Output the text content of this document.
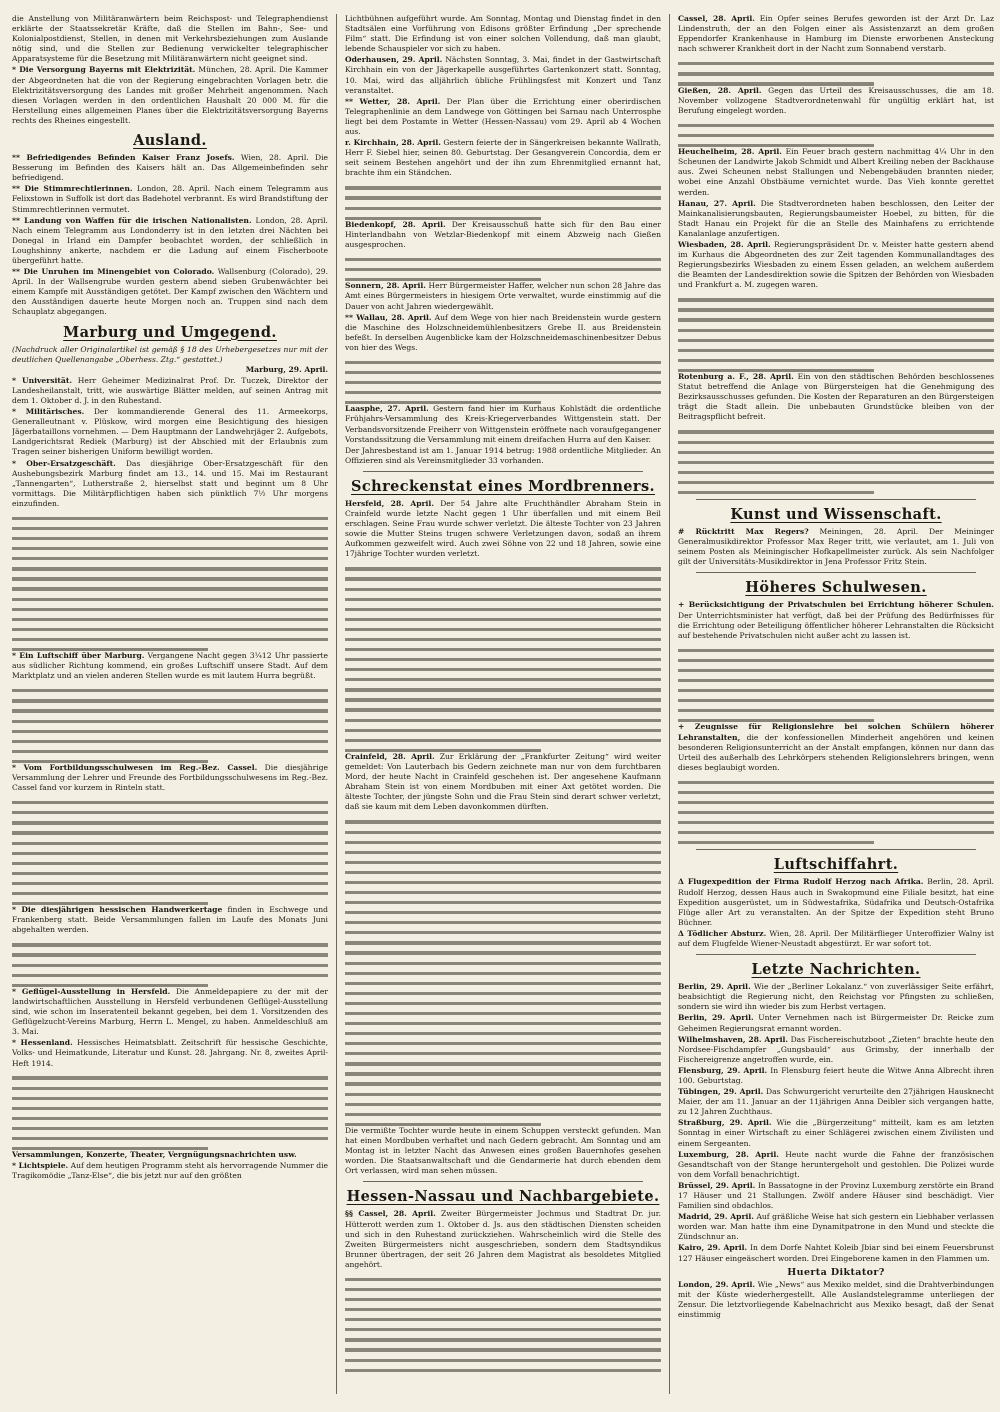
die Anstellung von Militäranwärtern beim Reichspost- und Telegraphendienst erklärte der Staatssekretär Kräfte, daß die Stellen im Bahn-, See- und Kolonialpostdienst, Stellen, in denen mit Verkehrsbeziehungen zum Auslande nötig sind, und die Stellen zur Bedienung verwickelter telegraphischer Apparatsysteme für die Besetzung mit Militäranwärtern nicht geeignet sind.
* Die Versorgung Bayerns mit Elektrizität. München, 28. April. Die Kammer der Abgeordneten hat die von der Regierung eingebrachten Vorlagen betr. die Elektrizitätsversorgung des Landes mit großer Mehrheit angenommen. Nach diesen Vorlagen werden in den ordentlichen Haushalt 20 000 M. für die Herstellung eines allgemeinen Planes über die Elektrizitätsversorgung Bayerns rechts des Rheines eingestellt.
Ausland.
** Befriedigendes Befinden Kaiser Franz Josefs. Wien, 28. April. Die Besserung im Befinden des Kaisers hält an. Das Allgemeinbefinden sehr befriedigend.
** Die Stimmrechtlerinnen. London, 28. April. Nach einem Telegramm aus Felixstown in Suffolk ist dort das Badehotel verbrannt. Es wird Brandstiftung der Stimmrechtlerinnen vermutet.
** Landung von Waffen für die irischen Nationalisten. London, 28. April. Nach einem Telegramm aus Londonderry ist in den letzten drei Nächten bei Donegal in Irland ein Dampfer beobachtet worden, der schließlich in Loughshinny ankerte, nachdem er die Ladung auf einem Fischerboote übergeführt hatte.
** Die Unruhen im Minengebiet von Colorado. Wallsenburg (Colorado), 29. April. In der Wallsengrube wurden gestern abend sieben Grubenwächter bei einem Kampfe mit Ausständigen getötet. Der Kampf zwischen den Wächtern und den Ausständigen dauerte heute Morgen noch an. Truppen sind nach dem Schauplatz abgegangen.
Marburg und Umgegend.
(Nachdruck aller Originalartikel ist gemäß § 18 des Urhebergesetzes nur mit der deutlichen Quellenangabe „Oberhess. Ztg.“ gestattet.)
Marburg, 29. April.
* Universität. Herr Geheimer Medizinalrat Prof. Dr. Tuczek, Direktor der Landesheilanstalt, tritt, wie auswärtige Blätter melden, auf seinen Antrag mit dem 1. Oktober d. J. in den Ruhestand.
* Militärisches. Der kommandierende General des 11. Armeekorps, Generalleutnant v. Plüskow, wird morgen eine Besichtigung des hiesigen Jägerbataillons vornehmen. — Dem Hauptmann der Landwehrjäger 2. Aufgebots, Landgerichtsrat Rediek (Marburg) ist der Abschied mit der Erlaubnis zum Tragen seiner bisherigen Uniform bewilligt worden.
* Ober-Ersatzgeschäft. Das diesjährige Ober-Ersatzgeschäft für den Aushebungsbezirk Marburg findet am 13., 14. und 15. Mai im Restaurant „Tannengarten“, Lutherstraße 2, hierselbst statt und beginnt um 8 Uhr vormittags. Die Militärpflichtigen haben sich pünktlich 7½ Uhr morgens einzufinden.
* Ein Luftschiff über Marburg. Vergangene Nacht gegen 3¼12 Uhr passierte aus südlicher Richtung kommend, ein großes Luftschiff unsere Stadt. Auf dem Marktplatz und an vielen anderen Stellen wurde es mit lautem Hurra begrüßt.
* Vom Fortbildungsschulwesen im Reg.-Bez. Cassel. Die diesjährige Versammlung der Lehrer und Freunde des Fortbildungsschulwesens im Reg.-Bez. Cassel fand vor kurzem in Rinteln statt.
* Die diesjährigen hessischen Handwerkertage finden in Eschwege und Frankenberg statt. Beide Versammlungen fallen im Laufe des Monats Juni abgehalten werden.
* Geflügel-Ausstellung in Hersfeld. Die Anmeldepapiere zu der mit der landwirtschaftlichen Ausstellung in Hersfeld verbundenen Geflügel-Ausstellung sind, wie schon im Inseratenteil bekannt gegeben, bei dem 1. Vorsitzenden des Geflügelzucht-Vereins Marburg, Herrn L. Mengel, zu haben. Anmeldeschluß am 3. Mai.
* Hessenland. Hessisches Heimatsblatt. Zeitschrift für hessische Geschichte, Volks- und Heimatkunde, Literatur und Kunst. 28. Jahrgang. Nr. 8, zweites April-Heft 1914.
Versammlungen, Konzerte, Theater, Vergnügungsnachrichten usw.
* Lichtspiele. Auf dem heutigen Programm steht als hervorragende Nummer die Tragikomödie „Tanz-Else“, die bis jetzt nur auf den größten
Lichtbühnen aufgeführt wurde. Am Sonntag, Montag und Dienstag findet in den Stadtsälen eine Vorführung von Edisons größter Erfindung „Der sprechende Film“ statt. Die Erfindung ist von einer solchen Vollendung, daß man glaubt, lebende Schauspieler vor sich zu haben.
Oderhausen, 29. April. Nächsten Sonntag, 3. Mai, findet in der Gastwirtschaft Kirchhain ein von der Jägerkapelle ausgeführtes Gartenkonzert statt. Sonntag, 10. Mai, wird das alljährlich übliche Frühlingsfest mit Konzert und Tanz veranstaltet.
** Wetter, 28. April. Der Plan über die Errichtung einer oberirdischen Telegraphenlinie an dem Landwege von Göttingen bei Sarnau nach Unterrosphe liegt bei dem Postamte in Wetter (Hessen-Nassau) vom 29. April ab 4 Wochen aus.
r. Kirchhain, 28. April. Gestern feierte der in Sängerkreisen bekannte Wallrath, Herr F. Siebel hier, seinen 80. Geburtstag. Der Gesangverein Concordia, dem er seit seinem Bestehen angehört und der ihn zum Ehrenmitglied ernannt hat, brachte ihm ein Ständchen.
Biedenkopf, 28. April. Der Kreisausschuß hatte sich für den Bau einer Hinterlandbahn von Wetzlar-Biedenkopf mit einem Abzweig nach Gießen ausgesprochen.
Sonnern, 28. April. Herr Bürgermeister Haffer, welcher nun schon 28 Jahre das Amt eines Bürgermeisters in hiesigem Orte verwaltet, wurde einstimmig auf die Dauer von acht Jahren wiedergewählt.
** Wallau, 28. April. Auf dem Wege von hier nach Breidenstein wurde gestern die Maschine des Holzschneidemühlenbesitzers Grebe II. aus Breidenstein befeßt. In derselben Augenblicke kam der Holzschneidemaschinenbesitzer Debus von hier des Wegs.
Laasphe, 27. April. Gestern fand hier im Kurhaus Kohlstädt die ordentliche Frühjahrs-Versammlung des Kreis-Kriegerverbandes Wittgenstein statt. Der Verbandsvorsitzende Freiherr von Wittgenstein eröffnete nach voraufgegangener Vorstandssitzung die Versammlung mit einem dreifachen Hurra auf den Kaiser.
Der Jahresbestand ist am 1. Januar 1914 betrug: 1988 ordentliche Mitglieder. An Offizieren sind als Vereinsmitglieder 33 vorhanden.
Schreckenstat eines Mordbrenners.
Hersfeld, 28. April. Der 54 Jahre alte Fruchthändler Abraham Stein in Crainfeld wurde letzte Nacht gegen 1 Uhr überfallen und mit einem Beil erschlagen. Seine Frau wurde schwer verletzt. Die älteste Tochter von 23 Jahren sowie die Mutter Steins trugen schwere Verletzungen davon, sodaß an ihrem Aufkommen gezweifelt wird. Auch zwei Söhne von 22 und 18 Jahren, sowie eine 17jährige Tochter wurden verletzt.
Crainfeld, 28. April. Zur Erklärung der „Frankfurter Zeitung“ wird weiter gemeldet: Von Lauterbach bis Gedern zeichnete man nur von dem furchtbaren Mord, der heute Nacht in Crainfeld geschehen ist. Der angesehene Kaufmann Abraham Stein ist von einem Mordbuben mit einer Axt getötet worden. Die älteste Tochter, der jüngste Sohn und die Frau Stein sind derart schwer verletzt, daß sie kaum mit dem Leben davonkommen dürften.
Die vermißte Tochter wurde heute in einem Schuppen versteckt gefunden. Man hat einen Mordbuben verhaftet und nach Gedern gebracht. Am Sonntag und am Montag ist in letzter Nacht das Anwesen eines großen Bauernhofes gesehen worden. Die Staatsanwaltschaft und die Gendarmerie hat durch ebenden dem Ort verlassen, wird man sehen müssen.
Hessen-Nassau und Nachbargebiete.
§§ Cassel, 28. April. Zweiter Bürgermeister Jochmus und Stadtrat Dr. jur. Hütterott werden zum 1. Oktober d. Js. aus den städtischen Diensten scheiden und sich in den Ruhestand zurückziehen. Wahrscheinlich wird die Stelle des Zweiten Bürgermeisters nicht ausgeschrieben, sondern dem Stadtsyndikus Brunner übertragen, der seit 26 Jahren dem Magistrat als besoldetes Mitglied angehört.
Cassel, 28. April. Ein Opfer seines Berufes geworden ist der Arzt Dr. Laz Lindenstruth, der an den Folgen einer als Assistenzarzt an dem großen Eppendorfer Krankenhause in Hamburg im Dienste erworbenen Ansteckung nach schwerer Krankheit dort in der Nacht zum Sonnabend verstarb.
Gießen, 28. April. Gegen das Urteil des Kreisausschusses, die am 18. November vollzogene Stadtverordnetenwahl für ungültig erklärt hat, ist Berufung eingelegt worden.
Heuchelheim, 28. April. Ein Feuer brach gestern nachmittag 4¼ Uhr in den Scheunen der Landwirte Jakob Schmidt und Albert Kreiling neben der Backhause aus. Zwei Scheunen nebst Stallungen und Nebengebäuden brannten nieder, wobei eine Anzahl Obstbäume vernichtet wurde. Das Vieh konnte gerettet werden.
Hanau, 27. April. Die Stadtverordneten haben beschlossen, den Leiter der Mainkanalisierungsbauten, Regierungsbaumeister Hoebel, zu bitten, für die Stadt Hanau ein Projekt für die an Stelle des Mainhafens zu errichtende Kanalanlage anzufertigen.
Wiesbaden, 28. April. Regierungspräsident Dr. v. Meister hatte gestern abend im Kurhaus die Abgeordneten des zur Zeit tagenden Kommunallandtages des Regierungsbezirks Wiesbaden zu einem Essen geladen, an welchem außerdem die Beamten der Landesdirektion sowie die Spitzen der Behörden von Wiesbaden und Frankfurt a. M. zugegen waren.
Rotenburg a. F., 28. April. Ein von den städtischen Behörden beschlossenes Statut betreffend die Anlage von Bürgersteigen hat die Genehmigung des Bezirksausschusses gefunden. Die Kosten der Reparaturen an den Bürgersteigen trägt die Stadt allein. Die unbebauten Grundstücke bleiben von der Beitragspflicht befreit.
Kunst und Wissenschaft.
# Rücktritt Max Regers? Meiningen, 28. April. Der Meininger Generalmusikdirektor Professor Max Reger tritt, wie verlautet, am 1. Juli von seinem Posten als Meiningischer Hofkapellmeister zurück. Als sein Nachfolger gilt der Universitäts-Musikdirektor in Jena Professor Fritz Stein.
Höheres Schulwesen.
+ Berücksichtigung der Privatschulen bei Errichtung höherer Schulen. Der Unterrichtsminister hat verfügt, daß bei der Prüfung des Bedürfnisses für die Errichtung oder Beteiligung öffentlicher höherer Lehranstalten die Rücksicht auf bestehende Privatschulen nicht außer acht zu lassen ist.
+ Zeugnisse für Religionslehre bei solchen Schülern höherer Lehranstalten, die der konfessionellen Minderheit angehören und keinen besonderen Religionsunterricht an der Anstalt empfangen, können nur dann das Urteil des außerhalb des Lehrkörpers stehenden Religionslehrers bringen, wenn dieses beglaubigt worden.
Luftschiffahrt.
Δ Flugexpedition der Firma Rudolf Herzog nach Afrika. Berlin, 28. April. Rudolf Herzog, dessen Haus auch in Swakopmund eine Filiale besitzt, hat eine Expedition ausgerüstet, um in Südwestafrika, Südafrika und Deutsch-Ostafrika Flüge aller Art zu veranstalten. An der Spitze der Expedition steht Bruno Büchner.
Δ Tödlicher Absturz. Wien, 28. April. Der Militärflieger Unteroffizier Walny ist auf dem Flugfelde Wiener-Neustadt abgestürzt. Er war sofort tot.
Letzte Nachrichten.
Berlin, 29. April. Wie der „Berliner Lokalanz.“ von zuverlässiger Seite erfährt, beabsichtigt die Regierung nicht, den Reichstag vor Pfingsten zu schließen, sondern sie wird ihn wieder bis zum Herbst vertagen.
Berlin, 29. April. Unter Vernehmen nach ist Bürgermeister Dr. Reicke zum Geheimen Regierungsrat ernannt worden.
Wilhelmshaven, 28. April. Das Fischereischutzboot „Zieten“ brachte heute den Nordsee-Fischdampfer „Gungsbauld“ aus Grimsby, der innerhalb der Fischereigrenze angetroffen wurde, ein.
Flensburg, 29. April. In Flensburg feiert heute die Witwe Anna Albrecht ihren 100. Geburtstag.
Tübingen, 29. April. Das Schwurgericht verurteilte den 27jährigen Hausknecht Maier, der am 11. Januar an der 11jährigen Anna Deibler sich vergangen hatte, zu 12 Jahren Zuchthaus.
Straßburg, 29. April. Wie die „Bürgerzeitung“ mitteilt, kam es am letzten Sonntag in einer Wirtschaft zu einer Schlägerei zwischen einem Zivilisten und einem Sergeanten.
Luxemburg, 28. April. Heute nacht wurde die Fahne der französischen Gesandtschaft von der Stange heruntergeholt und gestohlen. Die Polizei wurde von dem Vorfall benachrichtigt.
Brüssel, 29. April. In Bassatogne in der Provinz Luxemburg zerstörte ein Brand 17 Häuser und 21 Stallungen. Zwölf andere Häuser sind beschädigt. Vier Familien sind obdachlos.
Madrid, 29. April. Auf gräßliche Weise hat sich gestern ein Liebhaber verlassen worden war. Man hatte ihm eine Dynamitpatrone in den Mund und steckte die Zündschnur an.
Kairo, 29. April. In dem Dorfe Nahtet Koleib Jbiar sind bei einem Feuersbrunst 127 Häuser eingeäschert worden. Drei Eingeborene kamen in den Flammen um.
Huerta Diktator?
London, 29. April. Wie „News“ aus Mexiko meldet, sind die Drahtverbindungen mit der Küste wiederhergestellt. Alle Auslandstelegramme unterliegen der Zensur. Die letztvorliegende Kabelnachricht aus Mexiko besagt, daß der Senat einstimmig
